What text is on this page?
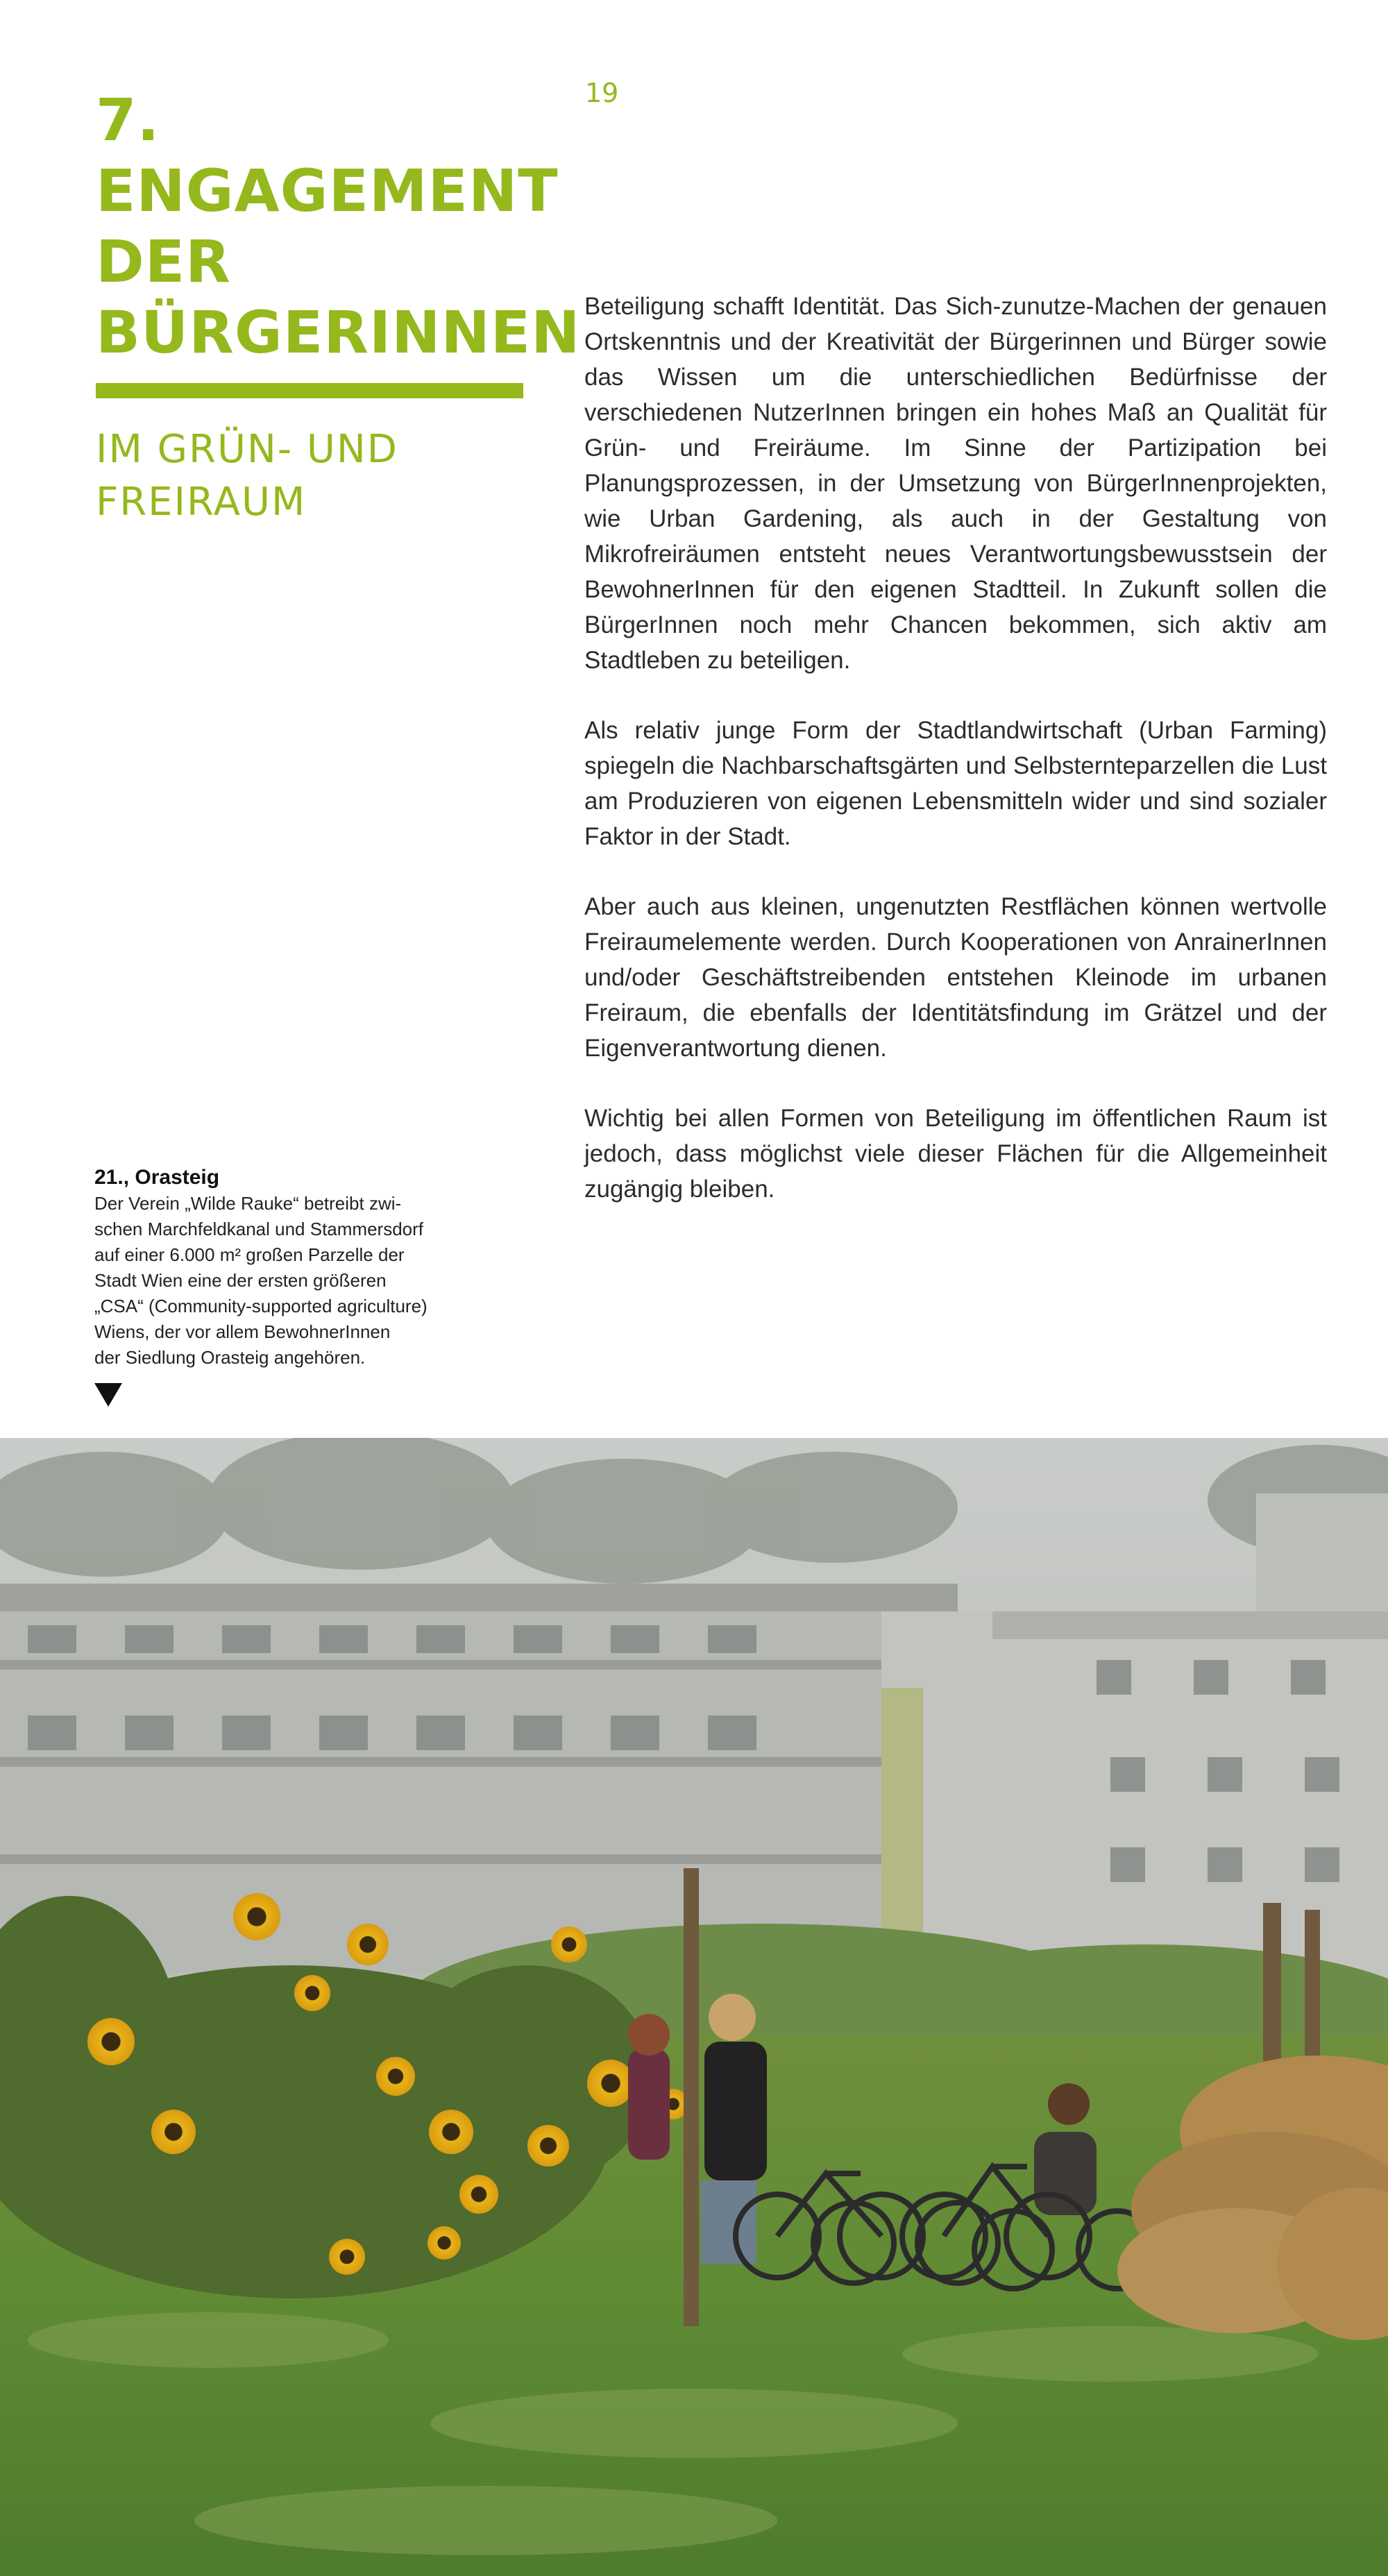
7.
ENGAGEMENT
DER
BÜRGERINNEN
IM GRÜN- UND
FREIRAUM
19

Beteiligung schafft Identität. Das Sich-zunutze-Machen der genauen Ortskenntnis und der Kreativität der Bürgerinnen und Bürger sowie das Wissen um die unterschiedlichen Bedürfnisse der verschiedenen NutzerInnen bringen ein hohes Maß an Qualität für Grün- und Freiräume. Im Sinne der Partizipation bei Planungsprozessen, in der Umsetzung von BürgerInnenprojekten, wie Urban Gardening, als auch in der Gestaltung von Mikrofreiräumen entsteht neues Verantwortungsbewusstsein der BewohnerInnen für den eigenen Stadtteil. In Zukunft sollen die BürgerInnen noch mehr Chancen bekommen, sich aktiv am Stadtleben zu beteiligen.

Als relativ junge Form der Stadtlandwirtschaft (Urban Farming) spiegeln die Nachbarschaftsgärten und Selbsternteparzellen die Lust am Produzieren von eigenen Lebensmitteln wider und sind sozialer Faktor in der Stadt.

Aber auch aus kleinen, ungenutzten Restflächen können wertvolle Freiraumelemente werden. Durch Kooperationen von AnrainerInnen und/oder Geschäftstreibenden entstehen Kleinode im urbanen Freiraum, die ebenfalls der Identitätsfindung im Grätzel und der Eigenverantwortung dienen.

Wichtig bei allen Formen von Beteiligung im öffentlichen Raum ist jedoch, dass möglichst viele dieser Flächen für die Allgemeinheit zugängig bleiben.

21., Orasteig
Der Verein „Wilde Rauke“ betreibt zwi-
schen Marchfeldkanal und Stammersdorf
auf einer 6.000 m² großen Parzelle der
Stadt Wien eine der ersten größeren
„CSA“ (Community-supported agriculture)
Wiens, der vor allem BewohnerInnen
der Siedlung Orasteig angehören.
